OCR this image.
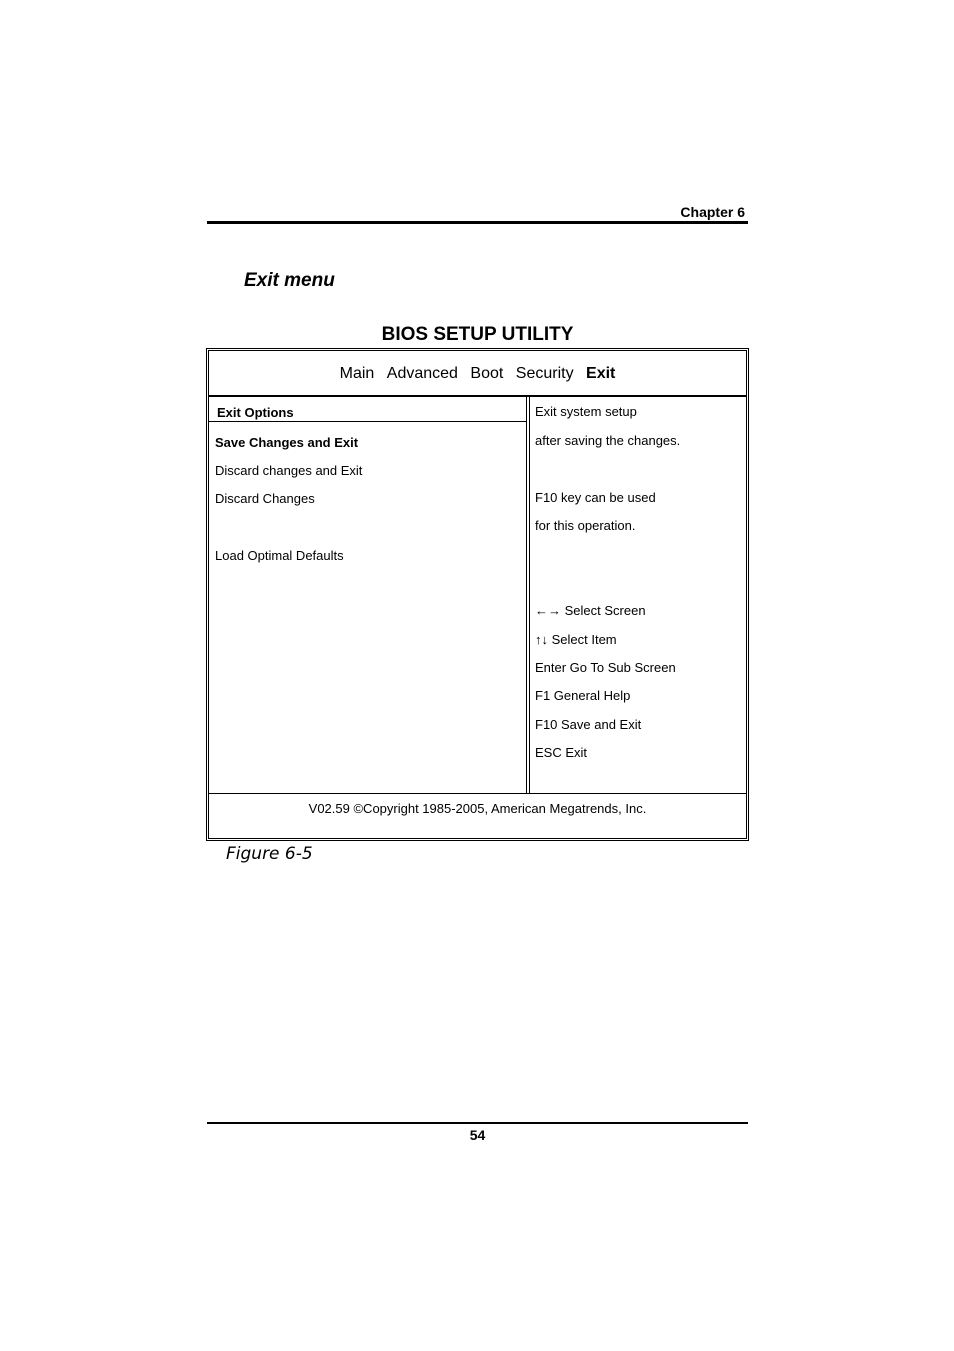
Chapter 6
Exit menu
BIOS SETUP UTILITY
Main Advanced Boot Security Exit
Exit Options
Save Changes and Exit
Discard changes and Exit
Discard Changes
Load Optimal Defaults
Exit system setup
after saving the changes.
F10 key can be used
for this operation.
←→ Select Screen
↑↓ Select Item
Enter Go To Sub Screen
F1 General Help
F10 Save and Exit
ESC Exit
V02.59 ©Copyright 1985-2005, American Megatrends, Inc.
Figure 6-5
54
